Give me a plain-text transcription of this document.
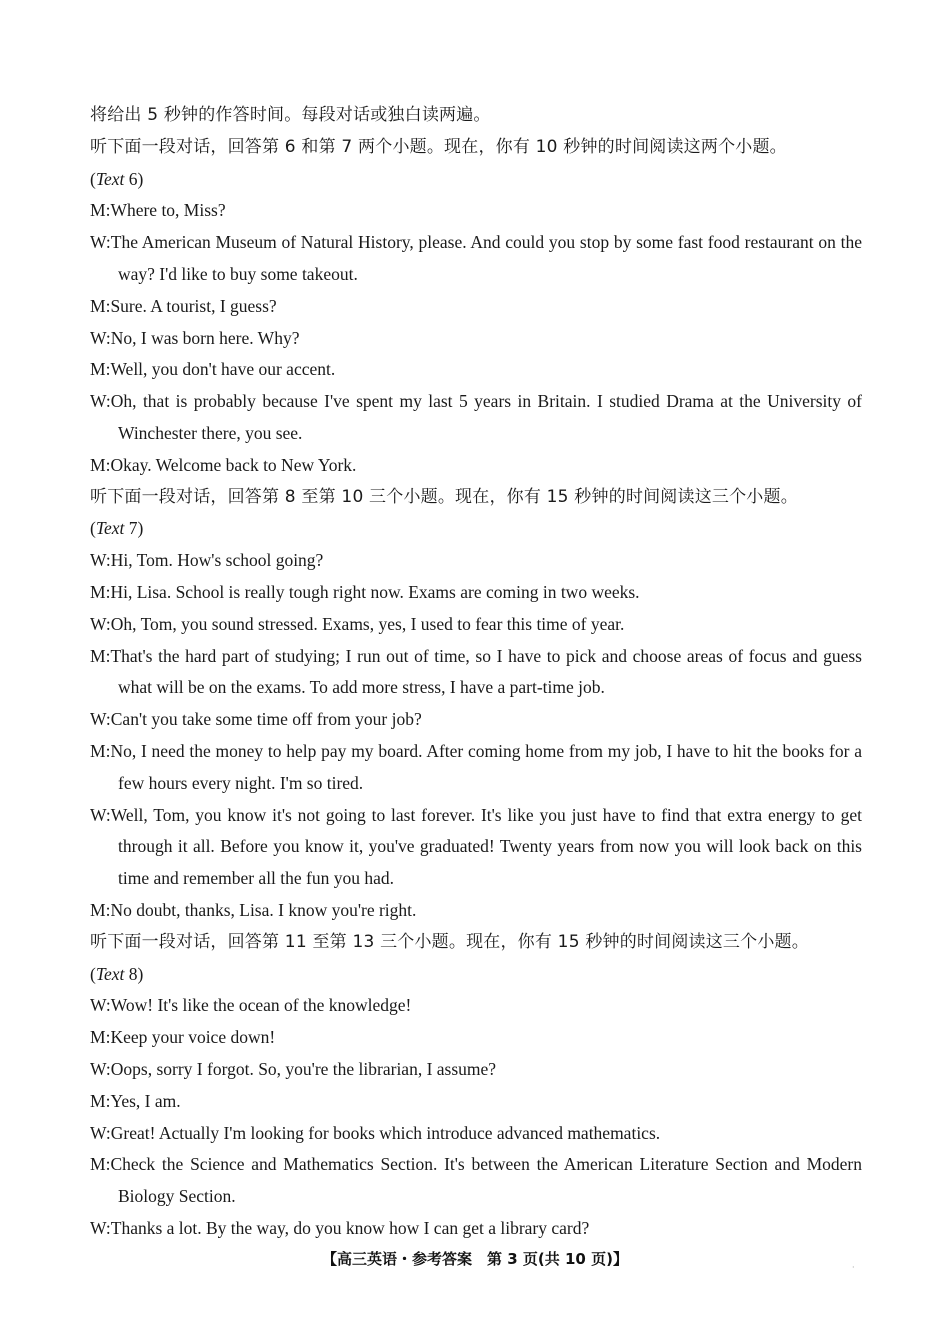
将给出 5 秒钟的作答时间。每段对话或独白读两遍。
听下面一段对话，回答第 6 和第 7 两个小题。现在，你有 10 秒钟的时间阅读这两个小题。
(Text 6)
M:Where to, Miss?
W:The American Museum of Natural History, please. And could you stop by some fast food restaurant on the way? I'd like to buy some takeout.
M:Sure. A tourist, I guess?
W:No, I was born here. Why?
M:Well, you don't have our accent.
W:Oh, that is probably because I've spent my last 5 years in Britain. I studied Drama at the University of Winchester there, you see.
M:Okay. Welcome back to New York.
听下面一段对话，回答第 8 至第 10 三个小题。现在，你有 15 秒钟的时间阅读这三个小题。
(Text 7)
W:Hi, Tom. How's school going?
M:Hi, Lisa. School is really tough right now. Exams are coming in two weeks.
W:Oh, Tom, you sound stressed. Exams, yes, I used to fear this time of year.
M:That's the hard part of studying; I run out of time, so I have to pick and choose areas of focus and guess what will be on the exams. To add more stress, I have a part-time job.
W:Can't you take some time off from your job?
M:No, I need the money to help pay my board. After coming home from my job, I have to hit the books for a few hours every night. I'm so tired.
W:Well, Tom, you know it's not going to last forever. It's like you just have to find that extra energy to get through it all. Before you know it, you've graduated! Twenty years from now you will look back on this time and remember all the fun you had.
M:No doubt, thanks, Lisa. I know you're right.
听下面一段对话，回答第 11 至第 13 三个小题。现在，你有 15 秒钟的时间阅读这三个小题。
(Text 8)
W:Wow! It's like the ocean of the knowledge!
M:Keep your voice down!
W:Oops, sorry I forgot. So, you're the librarian, I assume?
M:Yes, I am.
W:Great! Actually I'm looking for books which introduce advanced mathematics.
M:Check the Science and Mathematics Section. It's between the American Literature Section and Modern Biology Section.
W:Thanks a lot. By the way, do you know how I can get a library card?
【高三英语・参考答案　第 3 页(共 10 页)】	·
